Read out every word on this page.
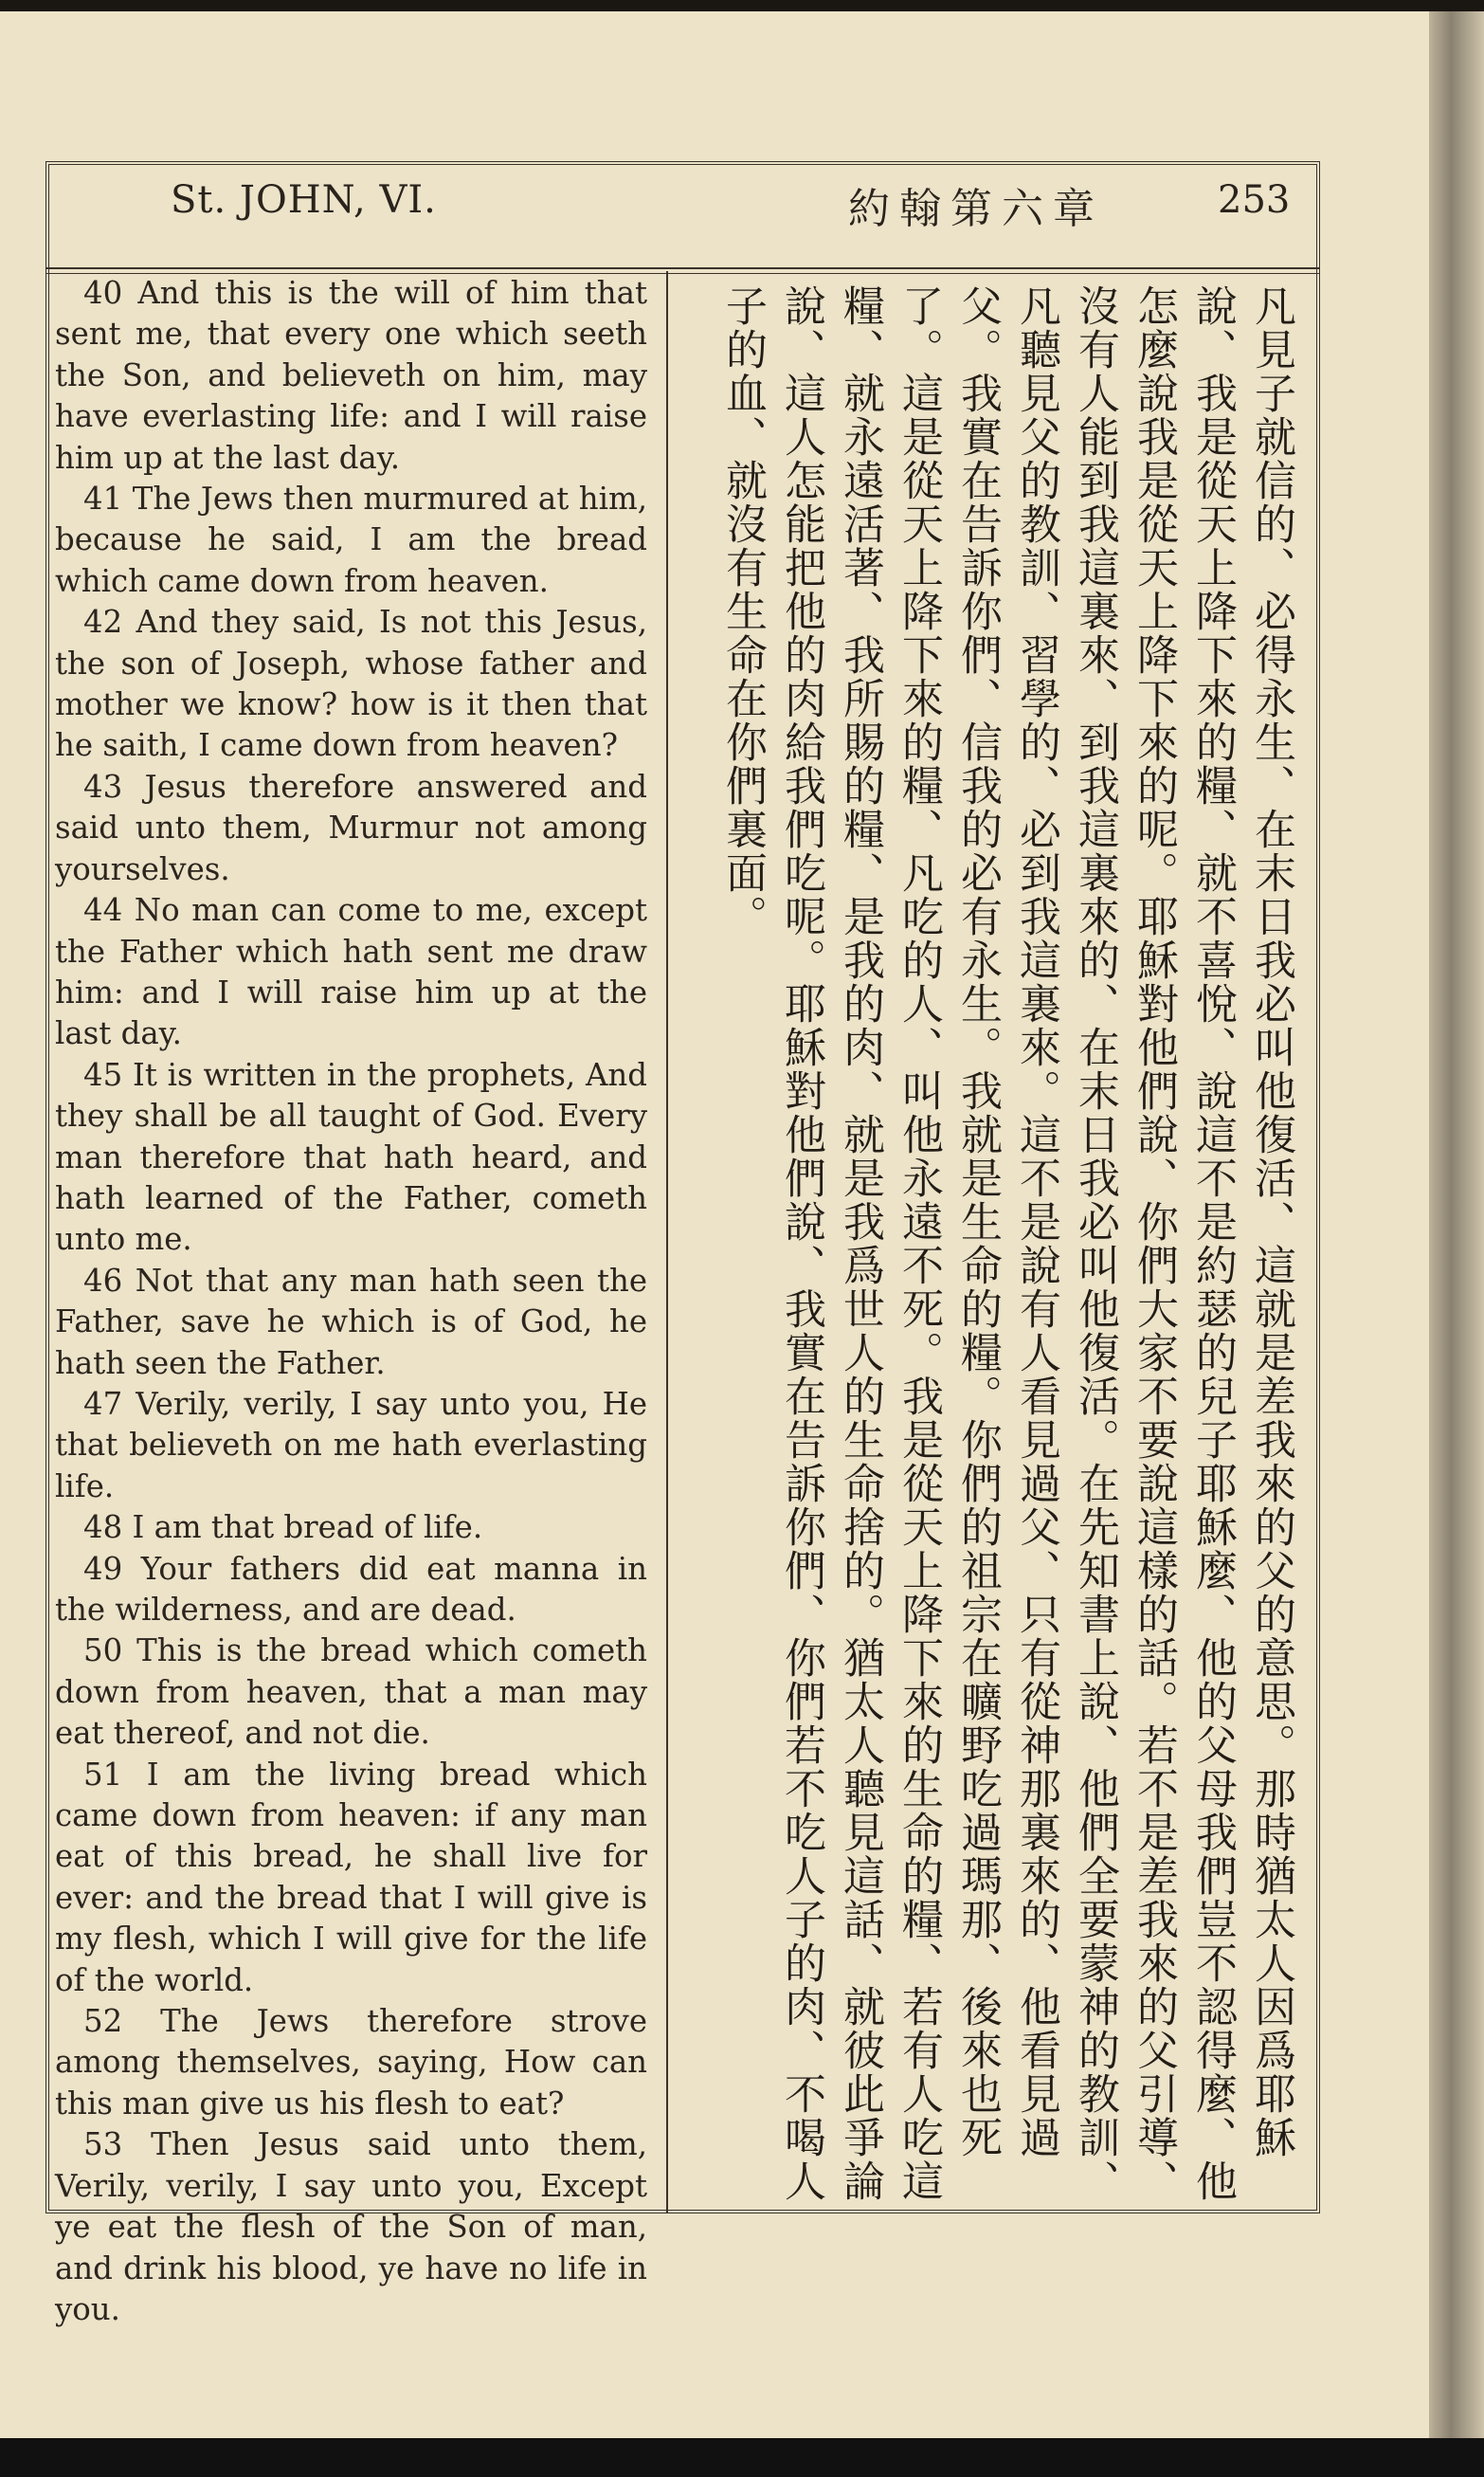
St. JOHN, VI.	約翰第六章	253

40 And this is the will of him that sent me, that every one which seeth the Son, and believeth on him, may have everlasting life: and I will raise him up at the last day.

41 The Jews then murmured at him, because he said, I am the bread which came down from heaven.

42 And they said, Is not this Jesus, the son of Joseph, whose father and mother we know? how is it then that he saith, I came down from heaven?

43 Jesus therefore answered and said unto them, Murmur not among yourselves.

44 No man can come to me, except the Father which hath sent me draw him: and I will raise him up at the last day.

45 It is written in the prophets, And they shall be all taught of God. Every man therefore that hath heard, and hath learned of the Father, cometh unto me.

46 Not that any man hath seen the Father, save he which is of God, he hath seen the Father.

47 Verily, verily, I say unto you, He that believeth on me hath everlasting life.

48 I am that bread of life.

49 Your fathers did eat manna in the wilderness, and are dead.

50 This is the bread which cometh down from heaven, that a man may eat thereof, and not die.

51 I am the living bread which came down from heaven: if any man eat of this bread, he shall live for ever: and the bread that I will give is my flesh, which I will give for the life of the world.

52 The Jews therefore strove among themselves, saying, How can this man give us his flesh to eat?

53 Then Jesus said unto them, Verily, verily, I say unto you, Except ye eat the flesh of the Son of man, and drink his blood, ye have no life in you.

凡見子就信的、必得永生、在末日我必叫他復活、這就是差我來的父的意思。那時猶太人因爲耶穌說、我是從天上降下來的糧、就不喜悅、說這不是約瑟的兒子耶穌麼、他的父母我們豈不認得麼、他怎麼說我是從天上降下來的呢。耶穌對他們說、你們大家不要說這樣的話。若不是差我來的父引導、沒有人能到我這裏來、到我這裏來的、在末日我必叫他復活。在先知書上說、他們全要蒙神的教訓、凡聽見父的教訓、習學的、必到我這裏來。這不是說有人看見過父、只有從神那裏來的、他看見過父。我實在告訴你們、信我的必有永生。我就是生命的糧。你們的祖宗在曠野吃過瑪那、後來也死了。這是從天上降下來的糧、凡吃的人、叫他永遠不死。我是從天上降下來的生命的糧、若有人吃這糧、就永遠活著、我所賜的糧、是我的肉、就是我爲世人的生命捨的。猶太人聽見這話、就彼此爭論說、這人怎能把他的肉給我們吃呢。耶穌對他們說、我實在告訴你們、你們若不吃人子的肉、不喝人子的血、就沒有生命在你們裏面。
